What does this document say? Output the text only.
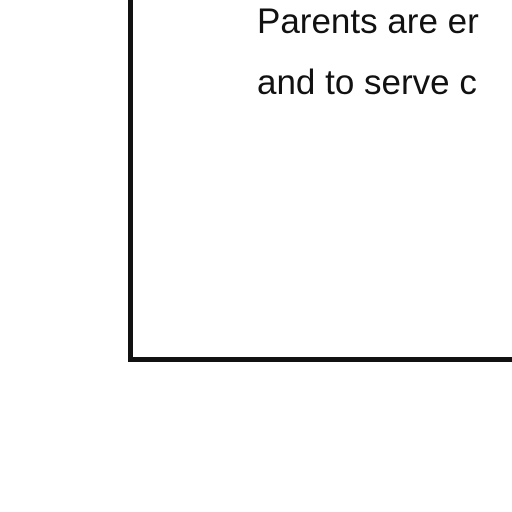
Parents are er
and to serve c
